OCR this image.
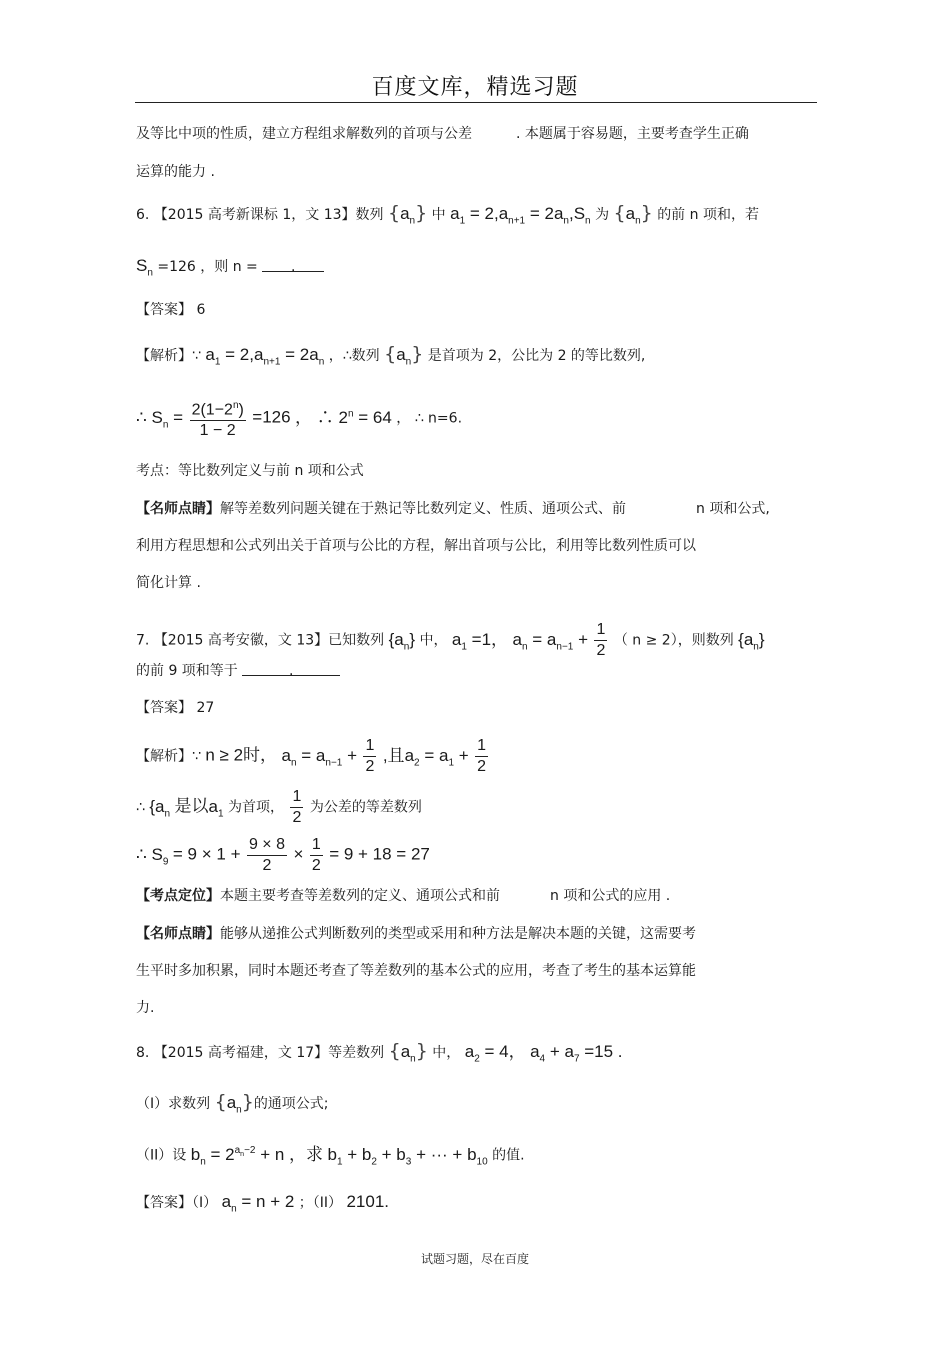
百度文库，精选习题
及等比中项的性质，建立方程组求解数列的首项与公差	. 本题属于容易题，主要考查学生正确
运算的能力 .
6. 【2015 高考新课标 1，文 13】数列 $\{a_n\}$ 中 $a_1 = 2,a_{n+1} = 2a_n,S_n$ 为 $\{a_n\}$ 的前 n 项和，若
$S_n =126$ ，则 n = .
【答案】 6
【解析】∵ $a_1 = 2,a_{n+1} = 2a_n$ ，∴数列 $\{a_n\}$ 是首项为 2，公比为 2 的等比数列,
∴ $S_n = \frac{2(1-2^n)}{1 - 2} =126$ ， ∴ $2^n = 64$ ， ∴ n=6.
考点：等比数列定义与前 n 项和公式
【名师点睛】解等差数列问题关键在于熟记等比数列定义、性质、通项公式、前	n 项和公式,
利用方程思想和公式列出关于首项与公比的方程，解出首项与公比，利用等比数列性质可以
简化计算 .
7. 【2015 高考安徽，文 13】已知数列 $\{a_n\}$ 中， $a_1 =1$， $a_n = a_{n-1} + \frac{1}{2}$ （ n ≥ 2），则数列 $\{a_n\}$
的前 9 项和等于	.
【答案】 27
【解析】∵ n ≥ 2时， $a_n = a_{n-1} + \frac{1}{2}$ ,且$a_2 = a_1 + \frac{1}{2}$
∴ {$a_n$ 是以$a_1$ 为首项， $\frac{1}{2}$ 为公差的等差数列
∴ $S_9 = 9 \times 1 + \frac{9 \times 8}{2} \times \frac{1}{2} = 9 + 18 = 27$
【考点定位】本题主要考查等差数列的定义、通项公式和前	n 项和公式的应用 .
【名师点睛】能够从递推公式判断数列的类型或采用和种方法是解决本题的关键，这需要考
生平时多加积累，同时本题还考查了等差数列的基本公式的应用，考查了考生的基本运算能
力.
8. 【2015 高考福建，文 17】等差数列 $\{a_n\}$ 中， $a_2 = 4$， $a_4 + a_7 =15$ .
（I）求数列 $\{a_n\}$的通项公式;
（II）设 $b_n = 2^{a_n-2} + n$ ，求 $b_1 + b_2 + b_3$ + ··· + $b_{10}$ 的值.
【答案】（I） $a_n = n + 2$ ；（II） 2101.
试题习题，尽在百度
